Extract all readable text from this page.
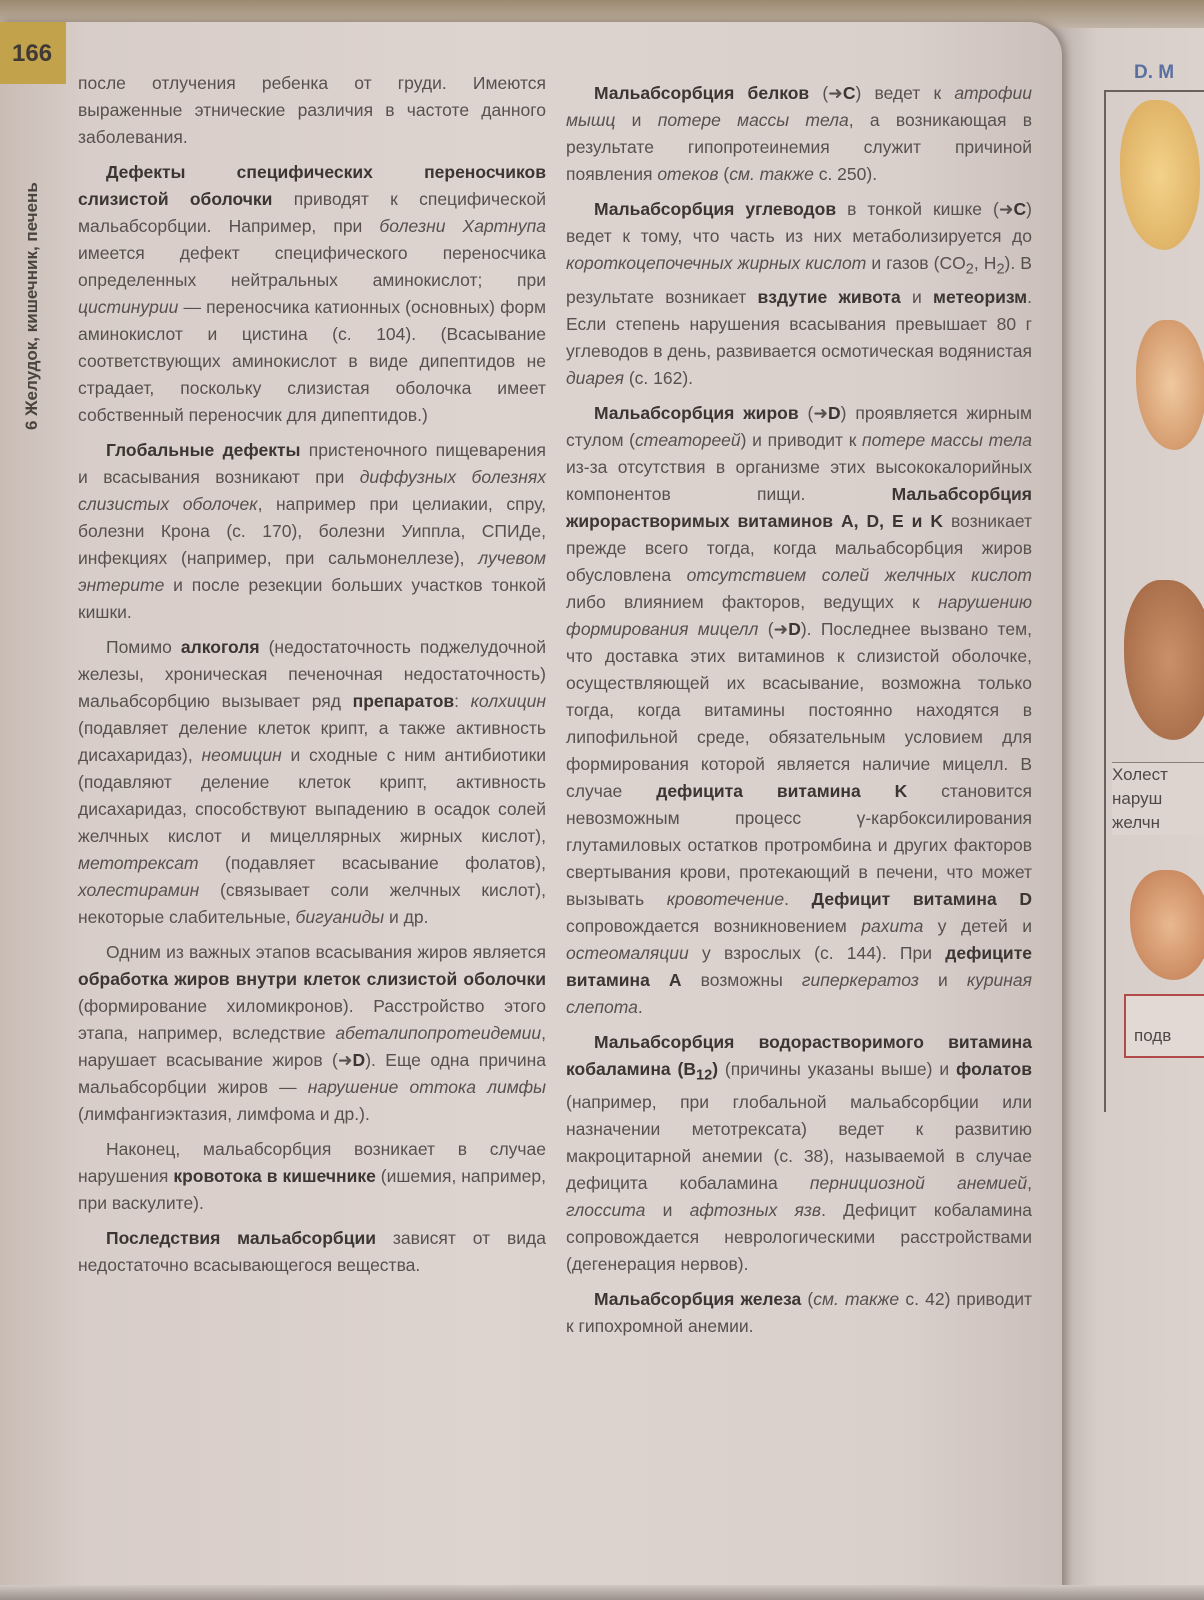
D. M
Холест
наруш
желчн
подв
166
6 Желудок, кишечник, печень

после отлучения ребенка от груди. Имеются выраженные этнические различия в частоте данного заболевания.

Дефекты специфических переносчиков слизистой оболочки приводят к специфической мальабсорбции. Например, при болезни Хартнупа имеется дефект специфического переносчика определенных нейтральных аминокислот; при цистинурии — переносчика катионных (основных) форм аминокислот и цистина (с. 104). (Всасывание соответствующих аминокислот в виде дипептидов не страдает, поскольку слизистая оболочка имеет собственный переносчик для дипептидов.)

Глобальные дефекты пристеночного пищеварения и всасывания возникают при диффузных болезнях слизистых оболочек, например при целиакии, спру, болезни Крона (с. 170), болезни Уиппла, СПИДе, инфекциях (например, при сальмонеллезе), лучевом энтерите и после резекции больших участков тонкой кишки.

Помимо алкоголя (недостаточность поджелудочной железы, хроническая печеночная недостаточность) мальабсорбцию вызывает ряд препаратов: колхицин (подавляет деление клеток крипт, а также активность дисахаридаз), неомицин и сходные с ним антибиотики (подавляют деление клеток крипт, активность дисахаридаз, способствуют выпадению в осадок солей желчных кислот и мицеллярных жирных кислот), метотрексат (подавляет всасывание фолатов), холестирамин (связывает соли желчных кислот), некоторые слабительные, бигуаниды и др.

Одним из важных этапов всасывания жиров является обработка жиров внутри клеток слизистой оболочки (формирование хиломикронов). Расстройство этого этапа, например, вследствие абеталипопротеидемии, нарушает всасывание жиров (➜D). Еще одна причина мальабсорбции жиров — нарушение оттока лимфы (лимфангиэктазия, лимфома и др.).

Наконец, мальабсорбция возникает в случае нарушения кровотока в кишечнике (ишемия, например, при васкулите).

Последствия мальабсорбции зависят от вида недостаточно всасывающегося вещества.

Мальабсорбция белков (➜C) ведет к атрофии мышц и потере массы тела, а возникающая в результате гипопротеинемия служит причиной появления отеков (см. также с. 250).

Мальабсорбция углеводов в тонкой кишке (➜C) ведет к тому, что часть из них метаболизируется до короткоцепочечных жирных кислот и газов ($CO_2$, $H_2$). В результате возникает вздутие живота и метеоризм. Если степень нарушения всасывания превышает 80 г углеводов в день, развивается осмотическая водянистая диарея (с. 162).

Мальабсорбция жиров (➜D) проявляется жирным стулом (стеатореей) и приводит к потере массы тела из-за отсутствия в организме этих высококалорийных компонентов пищи. Мальабсорбция жирорастворимых витаминов A, D, E и K возникает прежде всего тогда, когда мальабсорбция жиров обусловлена отсутствием солей желчных кислот либо влиянием факторов, ведущих к нарушению формирования мицелл (➜D). Последнее вызвано тем, что доставка этих витаминов к слизистой оболочке, осуществляющей их всасывание, возможна только тогда, когда витамины постоянно находятся в липофильной среде, обязательным условием для формирования которой является наличие мицелл. В случае дефицита витамина K становится невозможным процесс γ-карбоксилирования глутамиловых остатков протромбина и других факторов свертывания крови, протекающий в печени, что может вызывать кровотечение. Дефицит витамина D сопровождается возникновением рахита у детей и остеомаляции у взрослых (с. 144). При дефиците витамина A возможны гиперкератоз и куриная слепота.

Мальабсорбция водорастворимого витамина кобаламина $(B_{12})$ (причины указаны выше) и фолатов (например, при глобальной мальабсорбции или назначении метотрексата) ведет к развитию макроцитарной анемии (с. 38), называемой в случае дефицита кобаламина пернициозной анемией, глоссита и афтозных язв. Дефицит кобаламина сопровождается неврологическими расстройствами (дегенерация нервов).

Мальабсорбция железа (см. также с. 42) приводит к гипохромной анемии.
